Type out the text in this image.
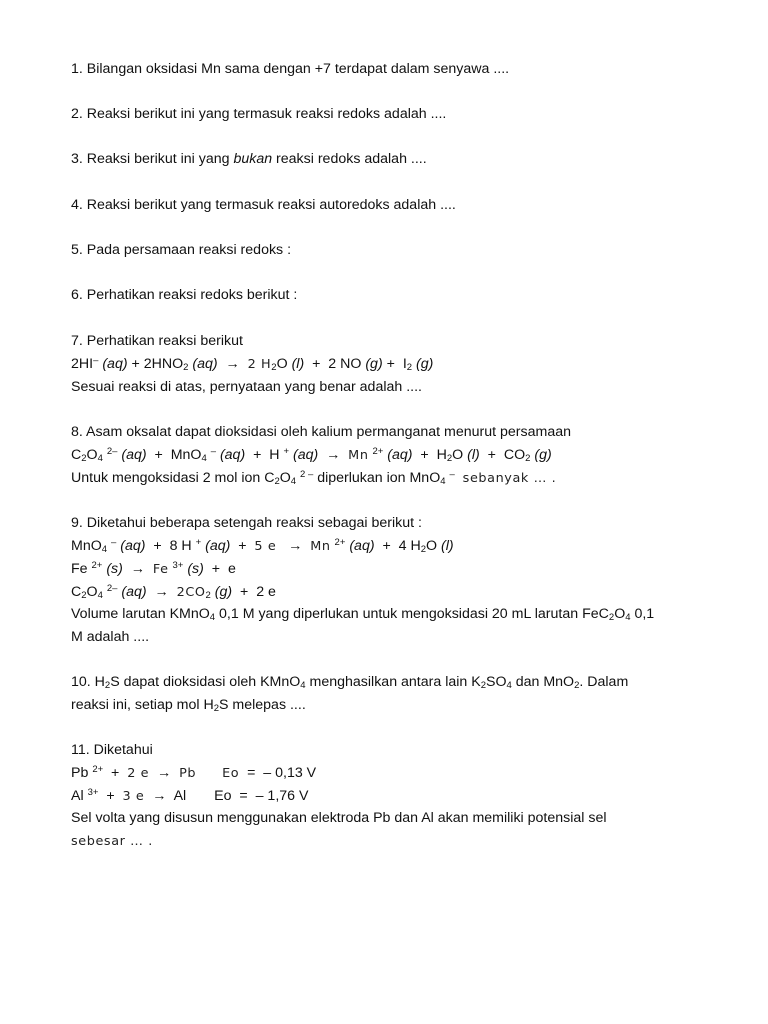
1. Bilangan oksidasi Mn sama dengan +7 terdapat dalam senyawa ....
2. Reaksi berikut ini yang termasuk reaksi redoks adalah ....
3. Reaksi berikut ini yang bukan reaksi redoks adalah ....
4. Reaksi berikut yang termasuk reaksi autoredoks adalah ....
5. Pada persamaan reaksi redoks :
6. Perhatikan reaksi redoks berikut :
7. Perhatikan reaksi berikut
2HI– $(aq) + 2HNO_2$ (aq) → 2 $H_2O$ (l) + 2 NO $(g) + I_2$ (g)
Sesuai reaksi di atas, pernyataan yang benar adalah ....
8. Asam oksalat dapat dioksidasi oleh kalium permanganat menurut persamaan
$C_2O_4$ $^{2-}$ (aq) + MnO$_4$ – (aq) + H + (aq) → Mn $^{2+}$ $(aq) + H_2O$ $(l) + CO_2$ (g)
Untuk mengoksidasi 2 mol ion $C_2O_4$ $^{2 -}$ diperlukan ion MnO$_4$ – sebanyak … .
9. Diketahui beberapa setengah reaksi sebagai berikut :
MnO$_4$ – (aq) + 8 H + (aq) + 5 e → Mn $^{2+}$ (aq) + 4 $H_2O$ (l)
Fe $^{2+}$ (s) → Fe $^{3+}$ (s) + e
$C_2O_4$ $^{2-}$ $(aq) \to 2CO_2$ (g) + 2 e
Volume larutan KMnO$_4$ 0,1 M yang diperlukan untuk mengoksidasi 20 mL larutan $FeC_2O_4$ 0,1
M adalah ....
10. $H_2S$ dapat dioksidasi oleh KMnO$_4$ menghasilkan antara lain $K_2SO_4$ dan MnO$_2$. Dalam
reaksi ini, setiap mol $H_2S$ melepas ....
11. Diketahui
Pb $^{2+}$ + 2 e → Pb Eo = – 0,13 V
Al $^{3+}$ + 3 e → Al Eo = – 1,76 V
Sel volta yang disusun menggunakan elektroda Pb dan Al akan memiliki potensial sel
sebesar … .
